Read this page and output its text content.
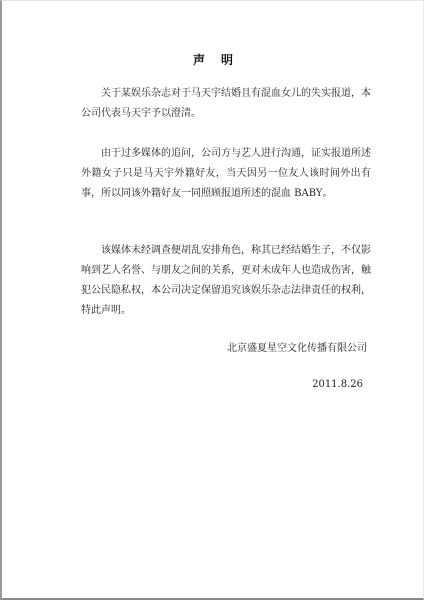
声　明

关于某娱乐杂志对于马天宇结婚且有混血女儿的失实报道，本公司代表马天宇予以澄清。

由于过多媒体的追问，公司方与艺人进行沟通，证实报道所述外籍女子只是马天宇外籍好友，当天因另一位友人该时间外出有事，所以同该外籍好友一同照顾报道所述的混血 BABY。

该媒体未经调查便胡乱安排角色，称其已经结婚生子，不仅影响到艺人名誉、与朋友之间的关系，更对未成年人也造成伤害，触犯公民隐私权，本公司决定保留追究该娱乐杂志法律责任的权利，特此声明。

北京盛夏星空文化传播有限公司
2011.8.26
